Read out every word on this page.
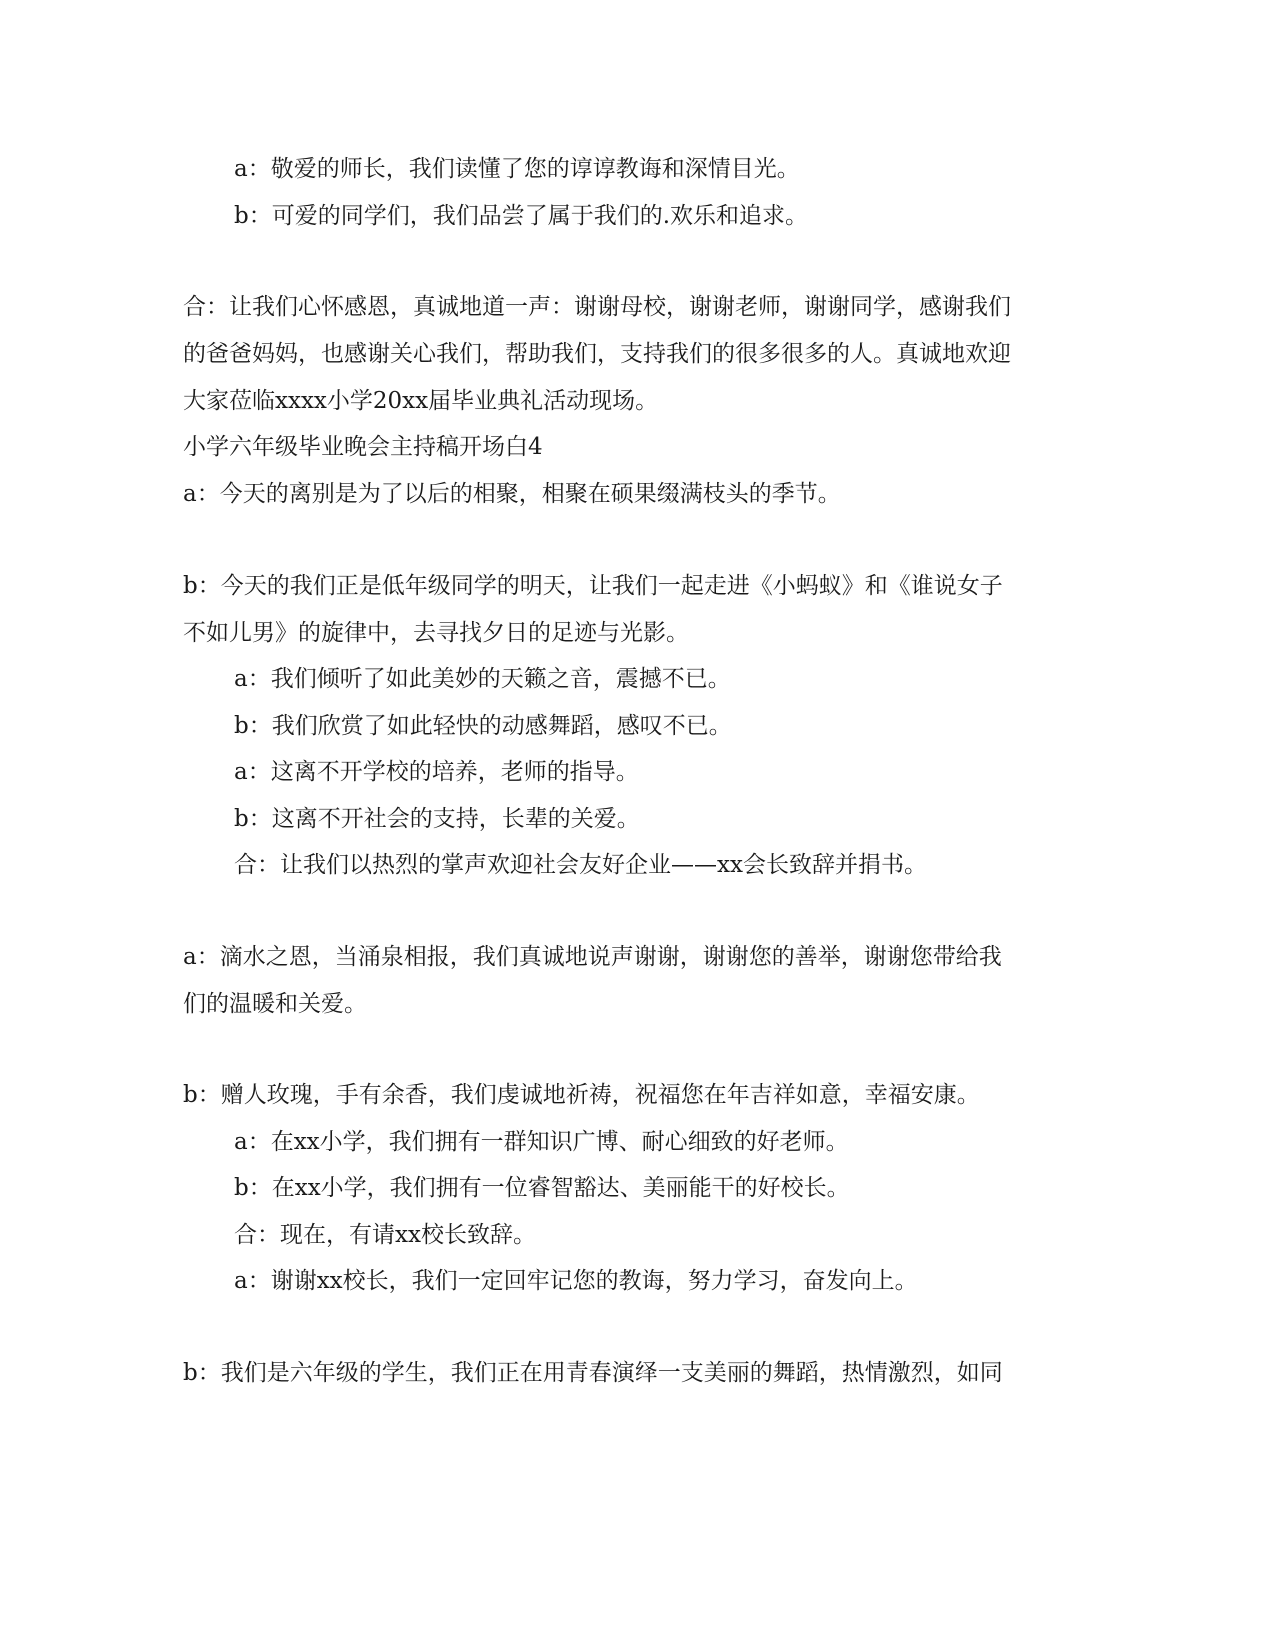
a：敬爱的师长，我们读懂了您的谆谆教诲和深情目光。
b：可爱的同学们，我们品尝了属于我们的.欢乐和追求。
合：让我们心怀感恩，真诚地道一声：谢谢母校，谢谢老师，谢谢同学，感谢我们
的爸爸妈妈，也感谢关心我们，帮助我们，支持我们的很多很多的人。真诚地欢迎
大家莅临xxxx小学20xx届毕业典礼活动现场。
小学六年级毕业晚会主持稿开场白4
a：今天的离别是为了以后的相聚，相聚在硕果缀满枝头的季节。
b：今天的我们正是低年级同学的明天，让我们一起走进《小蚂蚁》和《谁说女子
不如儿男》的旋律中，去寻找夕日的足迹与光影。
a：我们倾听了如此美妙的天籁之音，震撼不已。
b：我们欣赏了如此轻快的动感舞蹈，感叹不已。
a：这离不开学校的培养，老师的指导。
b：这离不开社会的支持，长辈的关爱。
合：让我们以热烈的掌声欢迎社会友好企业——xx会长致辞并捐书。
a：滴水之恩，当涌泉相报，我们真诚地说声谢谢，谢谢您的善举，谢谢您带给我
们的温暖和关爱。
b：赠人玫瑰，手有余香，我们虔诚地祈祷，祝福您在年吉祥如意，幸福安康。
a：在xx小学，我们拥有一群知识广博、耐心细致的好老师。
b：在xx小学，我们拥有一位睿智豁达、美丽能干的好校长。
合：现在，有请xx校长致辞。
a：谢谢xx校长，我们一定回牢记您的教诲，努力学习，奋发向上。
b：我们是六年级的学生，我们正在用青春演绎一支美丽的舞蹈，热情激烈，如同
